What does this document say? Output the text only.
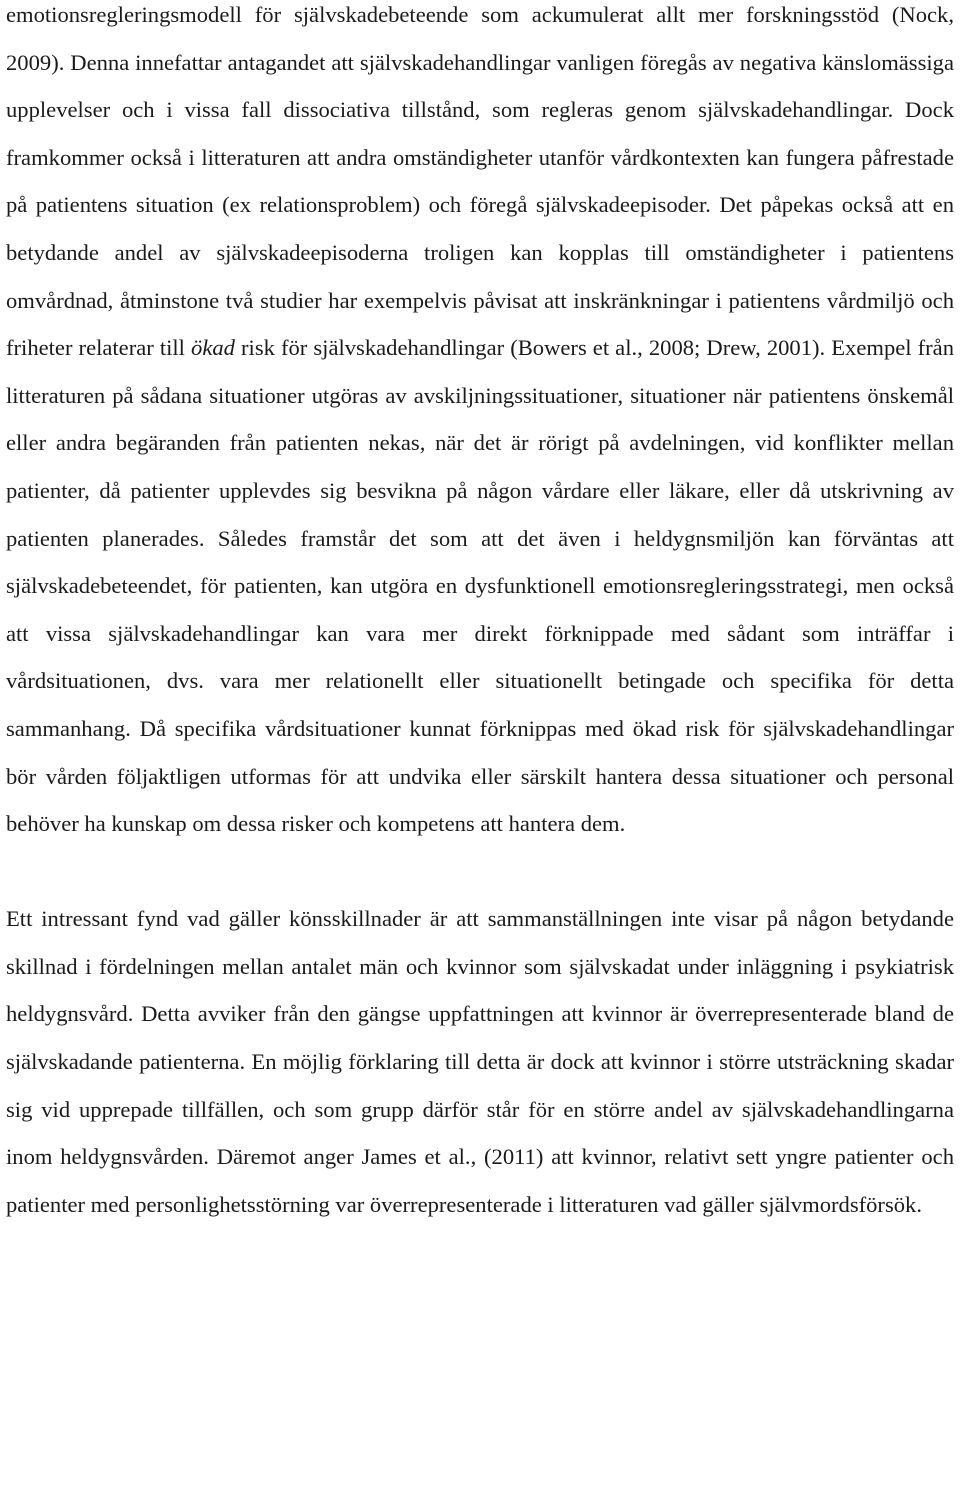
emotionsregleringsmodell för självskadebeteende som ackumulerat allt mer forskningsstöd (Nock, 2009). Denna innefattar antagandet att självskadehandlingar vanligen föregås av negativa känslomässiga upplevelser och i vissa fall dissociativa tillstånd, som regleras genom självskadehandlingar. Dock framkommer också i litteraturen att andra omständigheter utanför vårdkontexten kan fungera påfrestade på patientens situation (ex relationsproblem) och föregå självskadeepisoder. Det påpekas också att en betydande andel av självskadeepisoderna troligen kan kopplas till omständigheter i patientens omvårdnad, åtminstone två studier har exempelvis påvisat att inskränkningar i patientens vårdmiljö och friheter relaterar till ökad risk för självskadehandlingar (Bowers et al., 2008; Drew, 2001). Exempel från litteraturen på sådana situationer utgöras av avskiljningssituationer, situationer när patientens önskemål eller andra begäranden från patienten nekas, när det är rörigt på avdelningen, vid konflikter mellan patienter, då patienter upplevdes sig besvikna på någon vårdare eller läkare, eller då utskrivning av patienten planerades. Således framstår det som att det även i heldygnsmiljön kan förväntas att självskadebeteendet, för patienten, kan utgöra en dysfunktionell emotionsregleringsstrategi, men också att vissa självskadehandlingar kan vara mer direkt förknippade med sådant som inträffar i vårdsituationen, dvs. vara mer relationellt eller situationellt betingade och specifika för detta sammanhang. Då specifika vårdsituationer kunnat förknippas med ökad risk för självskadehandlingar bör vården följaktligen utformas för att undvika eller särskilt hantera dessa situationer och personal behöver ha kunskap om dessa risker och kompetens att hantera dem.

Ett intressant fynd vad gäller könsskillnader är att sammanställningen inte visar på någon betydande skillnad i fördelningen mellan antalet män och kvinnor som självskadat under inläggning i psykiatrisk heldygnsvård. Detta avviker från den gängse uppfattningen att kvinnor är överrepresenterade bland de självskadande patienterna. En möjlig förklaring till detta är dock att kvinnor i större utsträckning skadar sig vid upprepade tillfällen, och som grupp därför står för en större andel av självskadehandlingarna inom heldygnsvården. Däremot anger James et al., (2011) att kvinnor, relativt sett yngre patienter och patienter med personlighetsstörning var överrepresenterade i litteraturen vad gäller självmordsförsök.
